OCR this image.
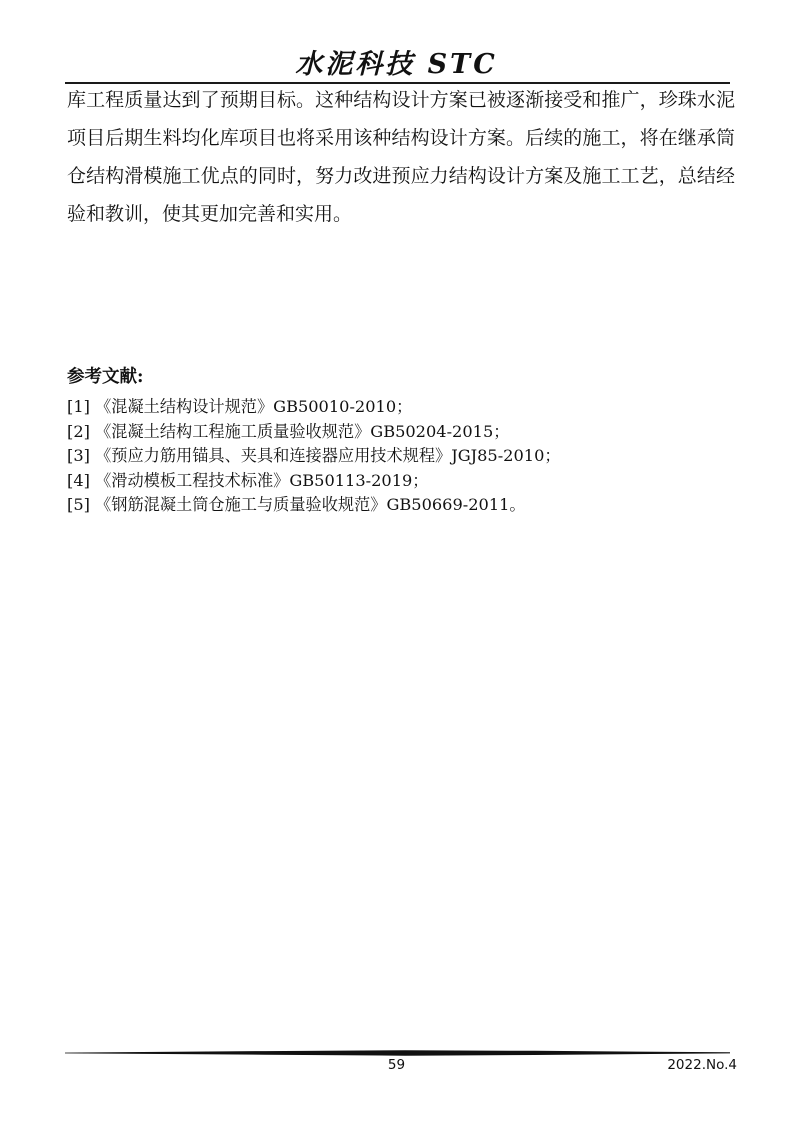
水泥科技 STC

库工程质量达到了预期目标。这种结构设计方案已被逐渐接受和推广，珍珠水泥项目后期生料均化库项目也将采用该种结构设计方案。后续的施工，将在继承筒仓结构滑模施工优点的同时，努力改进预应力结构设计方案及施工工艺，总结经验和教训，使其更加完善和实用。

参考文献:
[1] 《混凝土结构设计规范》GB50010-2010；
[2] 《混凝土结构工程施工质量验收规范》GB50204-2015；
[3] 《预应力筋用锚具、夹具和连接器应用技术规程》JGJ85-2010；
[4] 《滑动模板工程技术标准》GB50113-2019；
[5] 《钢筋混凝土筒仓施工与质量验收规范》GB50669-2011。
59	2022.No.4
